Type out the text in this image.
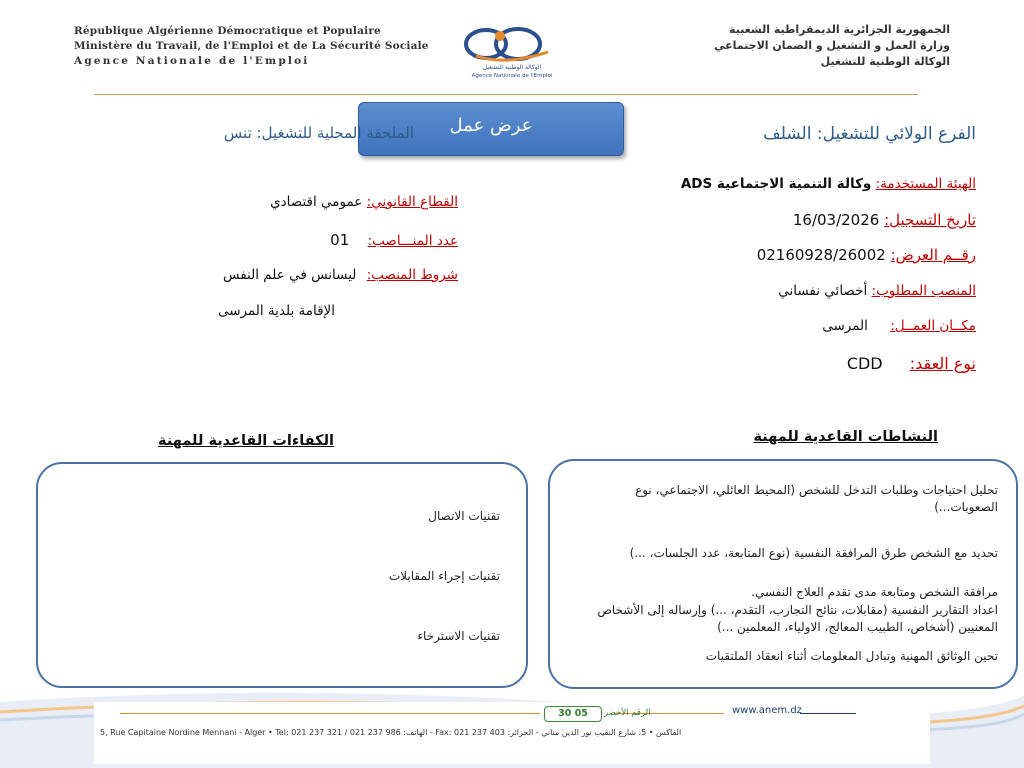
République Algérienne Démocratique et Populaire
Ministère du Travail, de l'Emploi et de La Sécurité Sociale
Agence Nationale de l'Emploi
الوكالة الوطنية للتشغيل
Agence Nationale de l'Emploi
الجمهورية الجزائرية الديمقراطية الشعبية
وزارة العمل و التشغيل و الضمان الاجتماعي
الوكالة الوطنية للتشغيل
عرض عمل	الفرع الولائي للتشغيل: الشلف
الملحقة المحلية للتشغيل: تنس
الهيئة المستخدمة: وكالة التنمية الاجتماعية ADS
تاريخ التسجيل: 16/03/2026
رقــم العرض: 02160928/26002
المنصب المطلوب: أخصائي نفساني
مكــان العمــل: المرسى
نوع العقد: CDD
القطاع القانوني: عمومي اقتصادي
عدد المنـــاصب: 01
شروط المنصب: ليسانس في علم النفس
الإقامة بلدية المرسى
النشاطات القاعدية للمهنة
الكفاءات القاعدية للمهنة
تقنيات الاتصال
تقنيات إجراء المقابلات
تقنيات الاسترخاء
تحليل احتياجات وطلبات التدخل للشخص (المحيط العائلي، الاجتماعي، نوع الصعوبات...)
تحديد مع الشخص طرق المرافقة النفسية (نوع المتابعة، عدد الجلسات، ...)
مرافقة الشخص ومتابعة مدى تقدم العلاج النفسي.
اعداد التقارير النفسية (مقابلات، نتائج التجارب، التقدم، ...) وإرساله إلى الأشخاص المعنيين (أشخاص، الطبيب المعالج، الاولياء، المعلمين ...)
تحين الوثائق المهنية وتبادل المعلومات أثناء انعقاد الملتقيات
30 05	الرقم الأخضر	www.anem.dz
5, Rue Capitaine Nordine Mennani - Alger • Tel: 021 237 321 / 021 237 986 :الهاتف - Fax: 021 237 403 :الفاكس • 5، شارع النقيب نور الدين مناني - الجزائر
